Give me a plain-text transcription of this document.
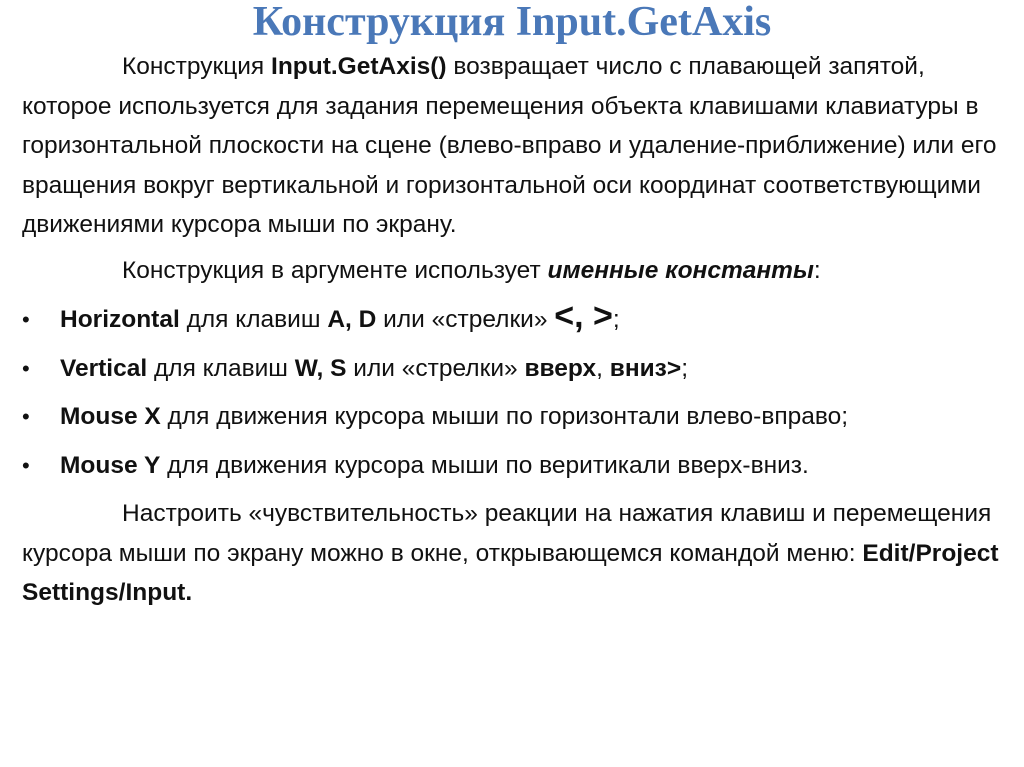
Конструкция Input.GetAxis

Конструкция Input.GetAxis() возвращает число с плавающей запятой, которое используется для задания перемещения объекта клавишами клавиатуры в горизонтальной плоскости на сцене (влево-вправо и удаление-приближение) или его вращения вокруг вертикальной и горизонтальной оси координат соответствующими движениями курсора мыши по экрану.

Конструкция в аргументе использует именные константы:

•	Horizontal для клавиш A, D или «стрелки» <, >;
•	Vertical для клавиш W, S или «стрелки» вверх, вниз>;
•	Mouse X для движения курсора мыши по горизонтали влево-вправо;
•	Mouse Y для движения курсора мыши по веритикали вверх-вниз.

Настроить «чувствительность» реакции на нажатия клавиш и перемещения курсора мыши по экрану можно в окне, открывающемся командой меню: Edit/Project Settings/Input.
